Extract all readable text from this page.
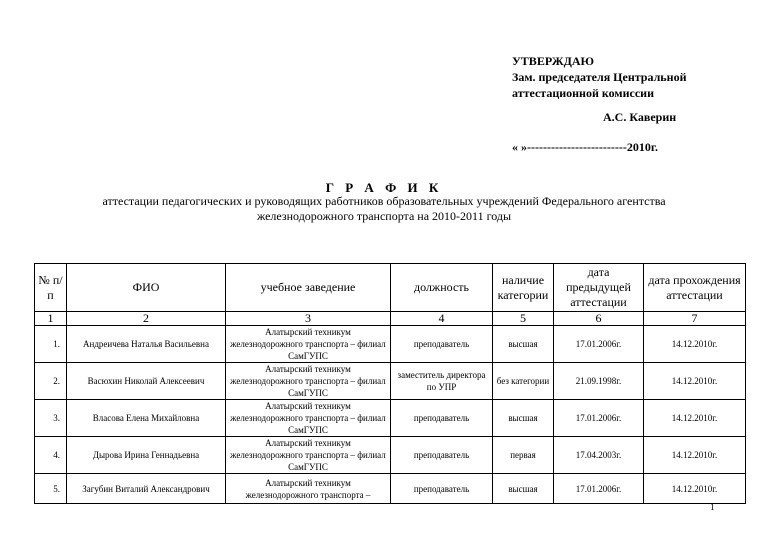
УТВЕРЖДАЮ
Зам. председателя Центральной
аттестационной комиссии
А.С. Каверин
« »-------------------------2010г.
Г Р А Ф И К
аттестации педагогических и руководящих работников образовательных учреждений Федерального агентства железнодорожного транспорта на 2010-2011 годы
№ п/п	ФИО	учебное заведение	должность	наличие категории	дата предыдущей аттестации	дата прохождения аттестации
1	2	3	4	5	6	7
1.	Андреичева Наталья Васильевна	Алатырский техникум железнодорожного транспорта – филиал СамГУПС	преподаватель	высшая	17.01.2006г.	14.12.2010г.
2.	Васюхин Николай Алексеевич	Алатырский техникум железнодорожного транспорта – филиал СамГУПС	заместитель директора по УПР	без категории	21.09.1998г.	14.12.2010г.
3.	Власова Елена Михайловна	Алатырский техникум железнодорожного транспорта – филиал СамГУПС	преподаватель	высшая	17.01.2006г.	14.12.2010г.
4.	Дырова Ирина Геннадьевна	Алатырский техникум железнодорожного транспорта – филиал СамГУПС	преподаватель	первая	17.04.2003г.	14.12.2010г.
5.	Загубин Виталий Александрович	Алатырский техникум железнодорожного транспорта –	преподаватель	высшая	17.01.2006г.	14.12.2010г.
1
